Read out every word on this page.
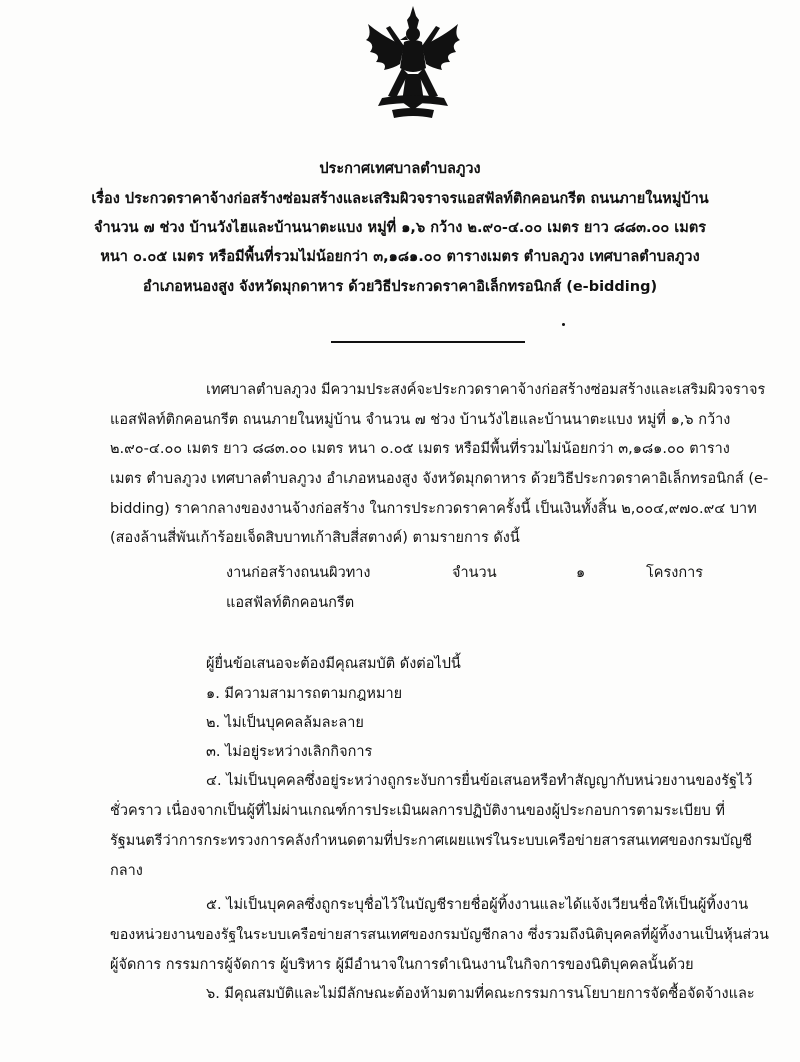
ประกาศเทศบาลตำบลภูวง
เรื่อง ประกวดราคาจ้างก่อสร้างซ่อมสร้างและเสริมผิวจราจรแอสฟัลท์ติกคอนกรีต ถนนภายในหมู่บ้าน
จำนวน ๗ ช่วง บ้านวังไฮและบ้านนาตะแบง หมู่ที่ ๑,๖ กว้าง ๒.๙๐-๔.๐๐ เมตร ยาว ๘๘๓.๐๐ เมตร
หนา ๐.๐๕ เมตร หรือมีพื้นที่รวมไม่น้อยกว่า ๓,๑๘๑.๐๐ ตารางเมตร ตำบลภูวง เทศบาลตำบลภูวง
อำเภอหนองสูง จังหวัดมุกดาหาร ด้วยวิธีประกวดราคาอิเล็กทรอนิกส์ (e-bidding)
เทศบาลตำบลภูวง มีความประสงค์จะประกวดราคาจ้างก่อสร้างซ่อมสร้างและเสริมผิวจราจร
แอสฟัลท์ติกคอนกรีต ถนนภายในหมู่บ้าน จำนวน ๗ ช่วง บ้านวังไฮและบ้านนาตะแบง หมู่ที่ ๑,๖ กว้าง
๒.๙๐-๔.๐๐ เมตร ยาว ๘๘๓.๐๐ เมตร หนา ๐.๐๕ เมตร หรือมีพื้นที่รวมไม่น้อยกว่า ๓,๑๘๑.๐๐ ตาราง
เมตร ตำบลภูวง เทศบาลตำบลภูวง อำเภอหนองสูง จังหวัดมุกดาหาร ด้วยวิธีประกวดราคาอิเล็กทรอนิกส์ (e-
bidding) ราคากลางของงานจ้างก่อสร้าง ในการประกวดราคาครั้งนี้ เป็นเงินทั้งสิ้น ๒,๐๐๔,๙๗๐.๙๔ บาท
(สองล้านสี่พันเก้าร้อยเจ็ดสิบบาทเก้าสิบสี่สตางค์) ตามรายการ ดังนี้
งานก่อสร้างถนนผิวทาง	จำนวน	๑	โครงการ
แอสฟัลท์ติกคอนกรีต
ผู้ยื่นข้อเสนอจะต้องมีคุณสมบัติ ดังต่อไปนี้
๑. มีความสามารถตามกฎหมาย
๒. ไม่เป็นบุคคลล้มละลาย
๓. ไม่อยู่ระหว่างเลิกกิจการ
๔. ไม่เป็นบุคคลซึ่งอยู่ระหว่างถูกระงับการยื่นข้อเสนอหรือทำสัญญากับหน่วยงานของรัฐไว้
ชั่วคราว เนื่องจากเป็นผู้ที่ไม่ผ่านเกณฑ์การประเมินผลการปฏิบัติงานของผู้ประกอบการตามระเบียบ ที่
รัฐมนตรีว่าการกระทรวงการคลังกำหนดตามที่ประกาศเผยแพร่ในระบบเครือข่ายสารสนเทศของกรมบัญชี
กลาง
๕. ไม่เป็นบุคคลซึ่งถูกระบุชื่อไว้ในบัญชีรายชื่อผู้ทิ้งงานและได้แจ้งเวียนชื่อให้เป็นผู้ทิ้งงาน
ของหน่วยงานของรัฐในระบบเครือข่ายสารสนเทศของกรมบัญชีกลาง ซึ่งรวมถึงนิติบุคคลที่ผู้ทิ้งงานเป็นหุ้นส่วน
ผู้จัดการ กรรมการผู้จัดการ ผู้บริหาร ผู้มีอำนาจในการดำเนินงานในกิจการของนิติบุคคลนั้นด้วย
๖. มีคุณสมบัติและไม่มีลักษณะต้องห้ามตามที่คณะกรรมการนโยบายการจัดซื้อจัดจ้างและ
